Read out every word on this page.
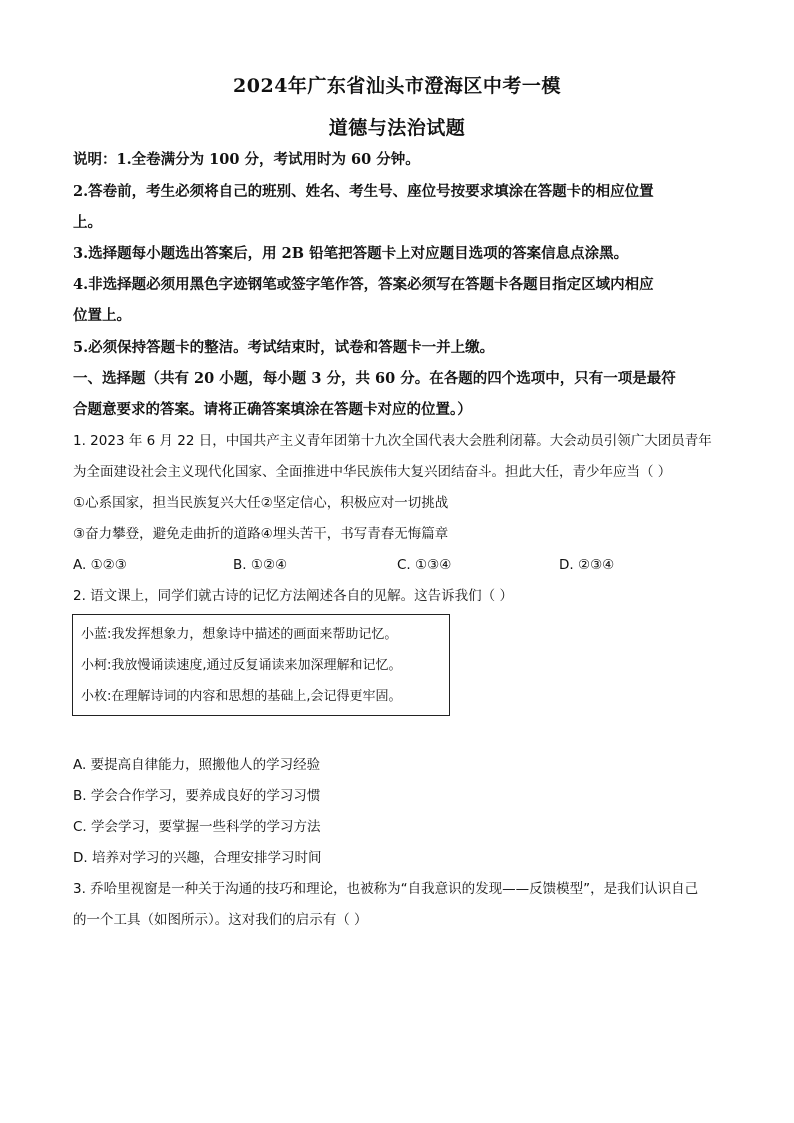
2024年广东省汕头市澄海区中考一模
道德与法治试题
说明：1.全卷满分为 100 分，考试用时为 60 分钟。
2.答卷前，考生必须将自己的班别、姓名、考生号、座位号按要求填涂在答题卡的相应位置
上。
3.选择题每小题选出答案后，用 2B 铅笔把答题卡上对应题目选项的答案信息点涂黑。
4.非选择题必须用黑色字迹钢笔或签字笔作答，答案必须写在答题卡各题目指定区域内相应
位置上。
5.必须保持答题卡的整洁。考试结束时，试卷和答题卡一并上缴。
一、选择题（共有 20 小题，每小题 3 分，共 60 分。在各题的四个选项中，只有一项是最符
合题意要求的答案。请将正确答案填涂在答题卡对应的位置。）
1. 2023 年 6 月 22 日，中国共产主义青年团第十九次全国代表大会胜利闭幕。大会动员引领广大团员青年
为全面建设社会主义现代化国家、全面推进中华民族伟大复兴团结奋斗。担此大任，青少年应当（ ）
①心系国家，担当民族复兴大任②坚定信心，积极应对一切挑战
③奋力攀登，避免走曲折的道路④埋头苦干，书写青春无悔篇章
A. ①②③	B. ①②④	C. ①③④	D. ②③④
2. 语文课上，同学们就古诗的记忆方法阐述各自的见解。这告诉我们（ ）
小蓝:我发挥想象力，想象诗中描述的画面来帮助记忆。
小柯:我放慢诵读速度,通过反复诵读来加深理解和记忆。
小枚:在理解诗词的内容和思想的基础上,会记得更牢固。
A. 要提高自律能力，照搬他人的学习经验
B. 学会合作学习，要养成良好的学习习惯
C. 学会学习，要掌握一些科学的学习方法
D. 培养对学习的兴趣，合理安排学习时间
3. 乔哈里视窗是一种关于沟通的技巧和理论，也被称为“自我意识的发现——反馈模型”，是我们认识自己
的一个工具（如图所示）。这对我们的启示有（ ）
